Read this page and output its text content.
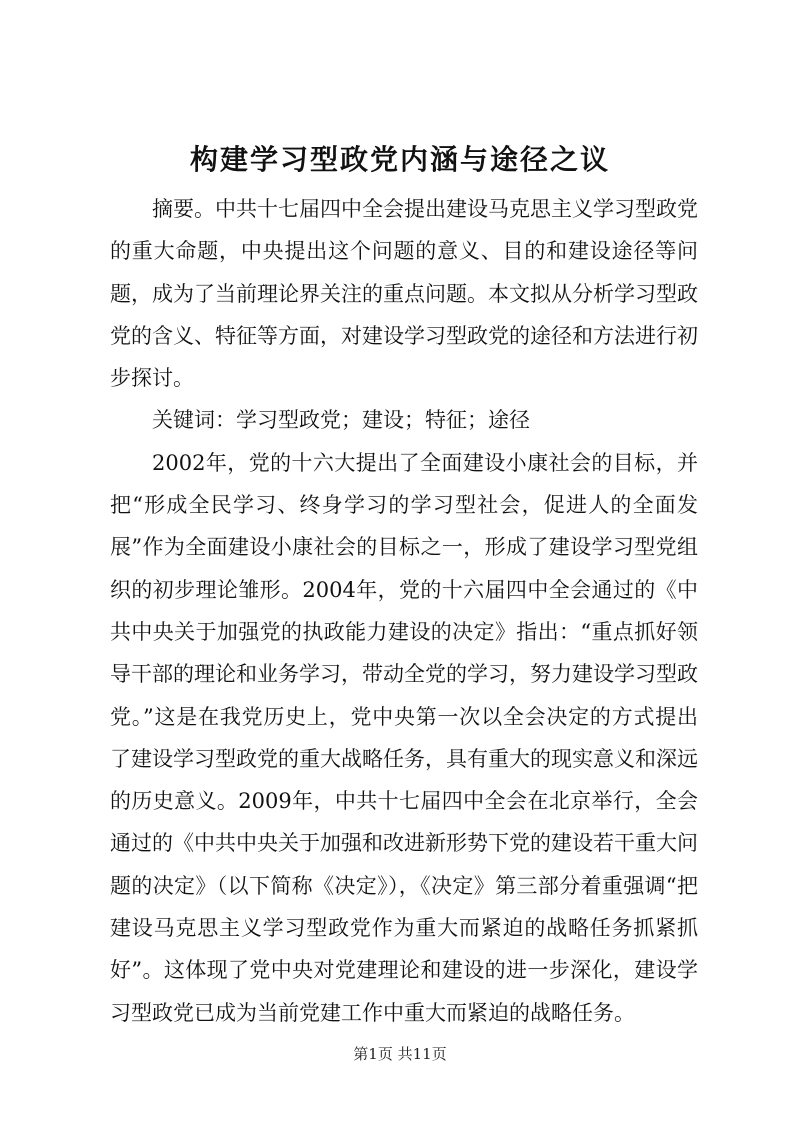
构建学习型政党内涵与途径之议

摘要。中共十七届四中全会提出建设马克思主义学习型政党的重大命题，中央提出这个问题的意义、目的和建设途径等问题，成为了当前理论界关注的重点问题。本文拟从分析学习型政党的含义、特征等方面，对建设学习型政党的途径和方法进行初步探讨。

关键词：学习型政党；建设；特征；途径

2002年，党的十六大提出了全面建设小康社会的目标，并把“形成全民学习、终身学习的学习型社会，促进人的全面发展”作为全面建设小康社会的目标之一，形成了建设学习型党组织的初步理论雏形。2004年，党的十六届四中全会通过的《中共中央关于加强党的执政能力建设的决定》指出：“重点抓好领导干部的理论和业务学习，带动全党的学习，努力建设学习型政党。”这是在我党历史上，党中央第一次以全会决定的方式提出了建设学习型政党的重大战略任务，具有重大的现实意义和深远的历史意义。2009年，中共十七届四中全会在北京举行，全会通过的《中共中央关于加强和改进新形势下党的建设若干重大问题的决定》（以下简称《决定》），《决定》第三部分着重强调“把建设马克思主义学习型政党作为重大而紧迫的战略任务抓紧抓好”。这体现了党中央对党建理论和建设的进一步深化，建设学习型政党已成为当前党建工作中重大而紧迫的战略任务。

第1页 共11页
